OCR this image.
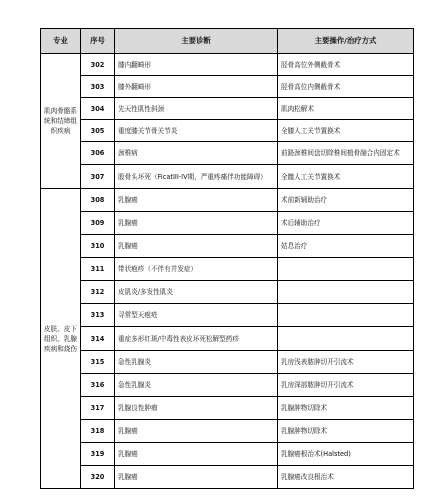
专业	序号	主要诊断	主要操作/治疗方式
肌肉骨骼系统和结缔组织疾病	302	膝内翻畸形	胫骨高位外侧截骨术
	303	膝外翻畸形	胫骨高位内侧截骨术
	304	先天性肌性斜颈	肌肉松解术
	305	重度膝关节骨关节炎	全膝人工关节置换术
	306	颈椎病	前路颈椎间盘切除椎间植骨融合内固定术
	307	股骨头坏死（FicatIII-IV期，严重疼痛伴功能障碍）	全髋人工关节置换术
皮肤、皮下组织、乳腺疾病和烧伤	308	乳腺癌	术前新辅助治疗
	309	乳腺癌	术后辅助治疗
	310	乳腺癌	姑息治疗
	311	带状疱疹（不伴有并发症）	
	312	皮肌炎/多发性肌炎	
	313	寻常型天疱疮	
	314	重症多形红斑/中毒性表皮坏死松解型药疹	
	315	急性乳腺炎	乳房浅表脓肿切开引流术
	316	急性乳腺炎	乳房深部脓肿切开引流术
	317	乳腺良性肿瘤	乳腺肿物切除术
	318	乳腺癌	乳腺肿物切除术
	319	乳腺癌	乳腺癌根治术(Halsted)
	320	乳腺癌	乳腺癌改良根治术
